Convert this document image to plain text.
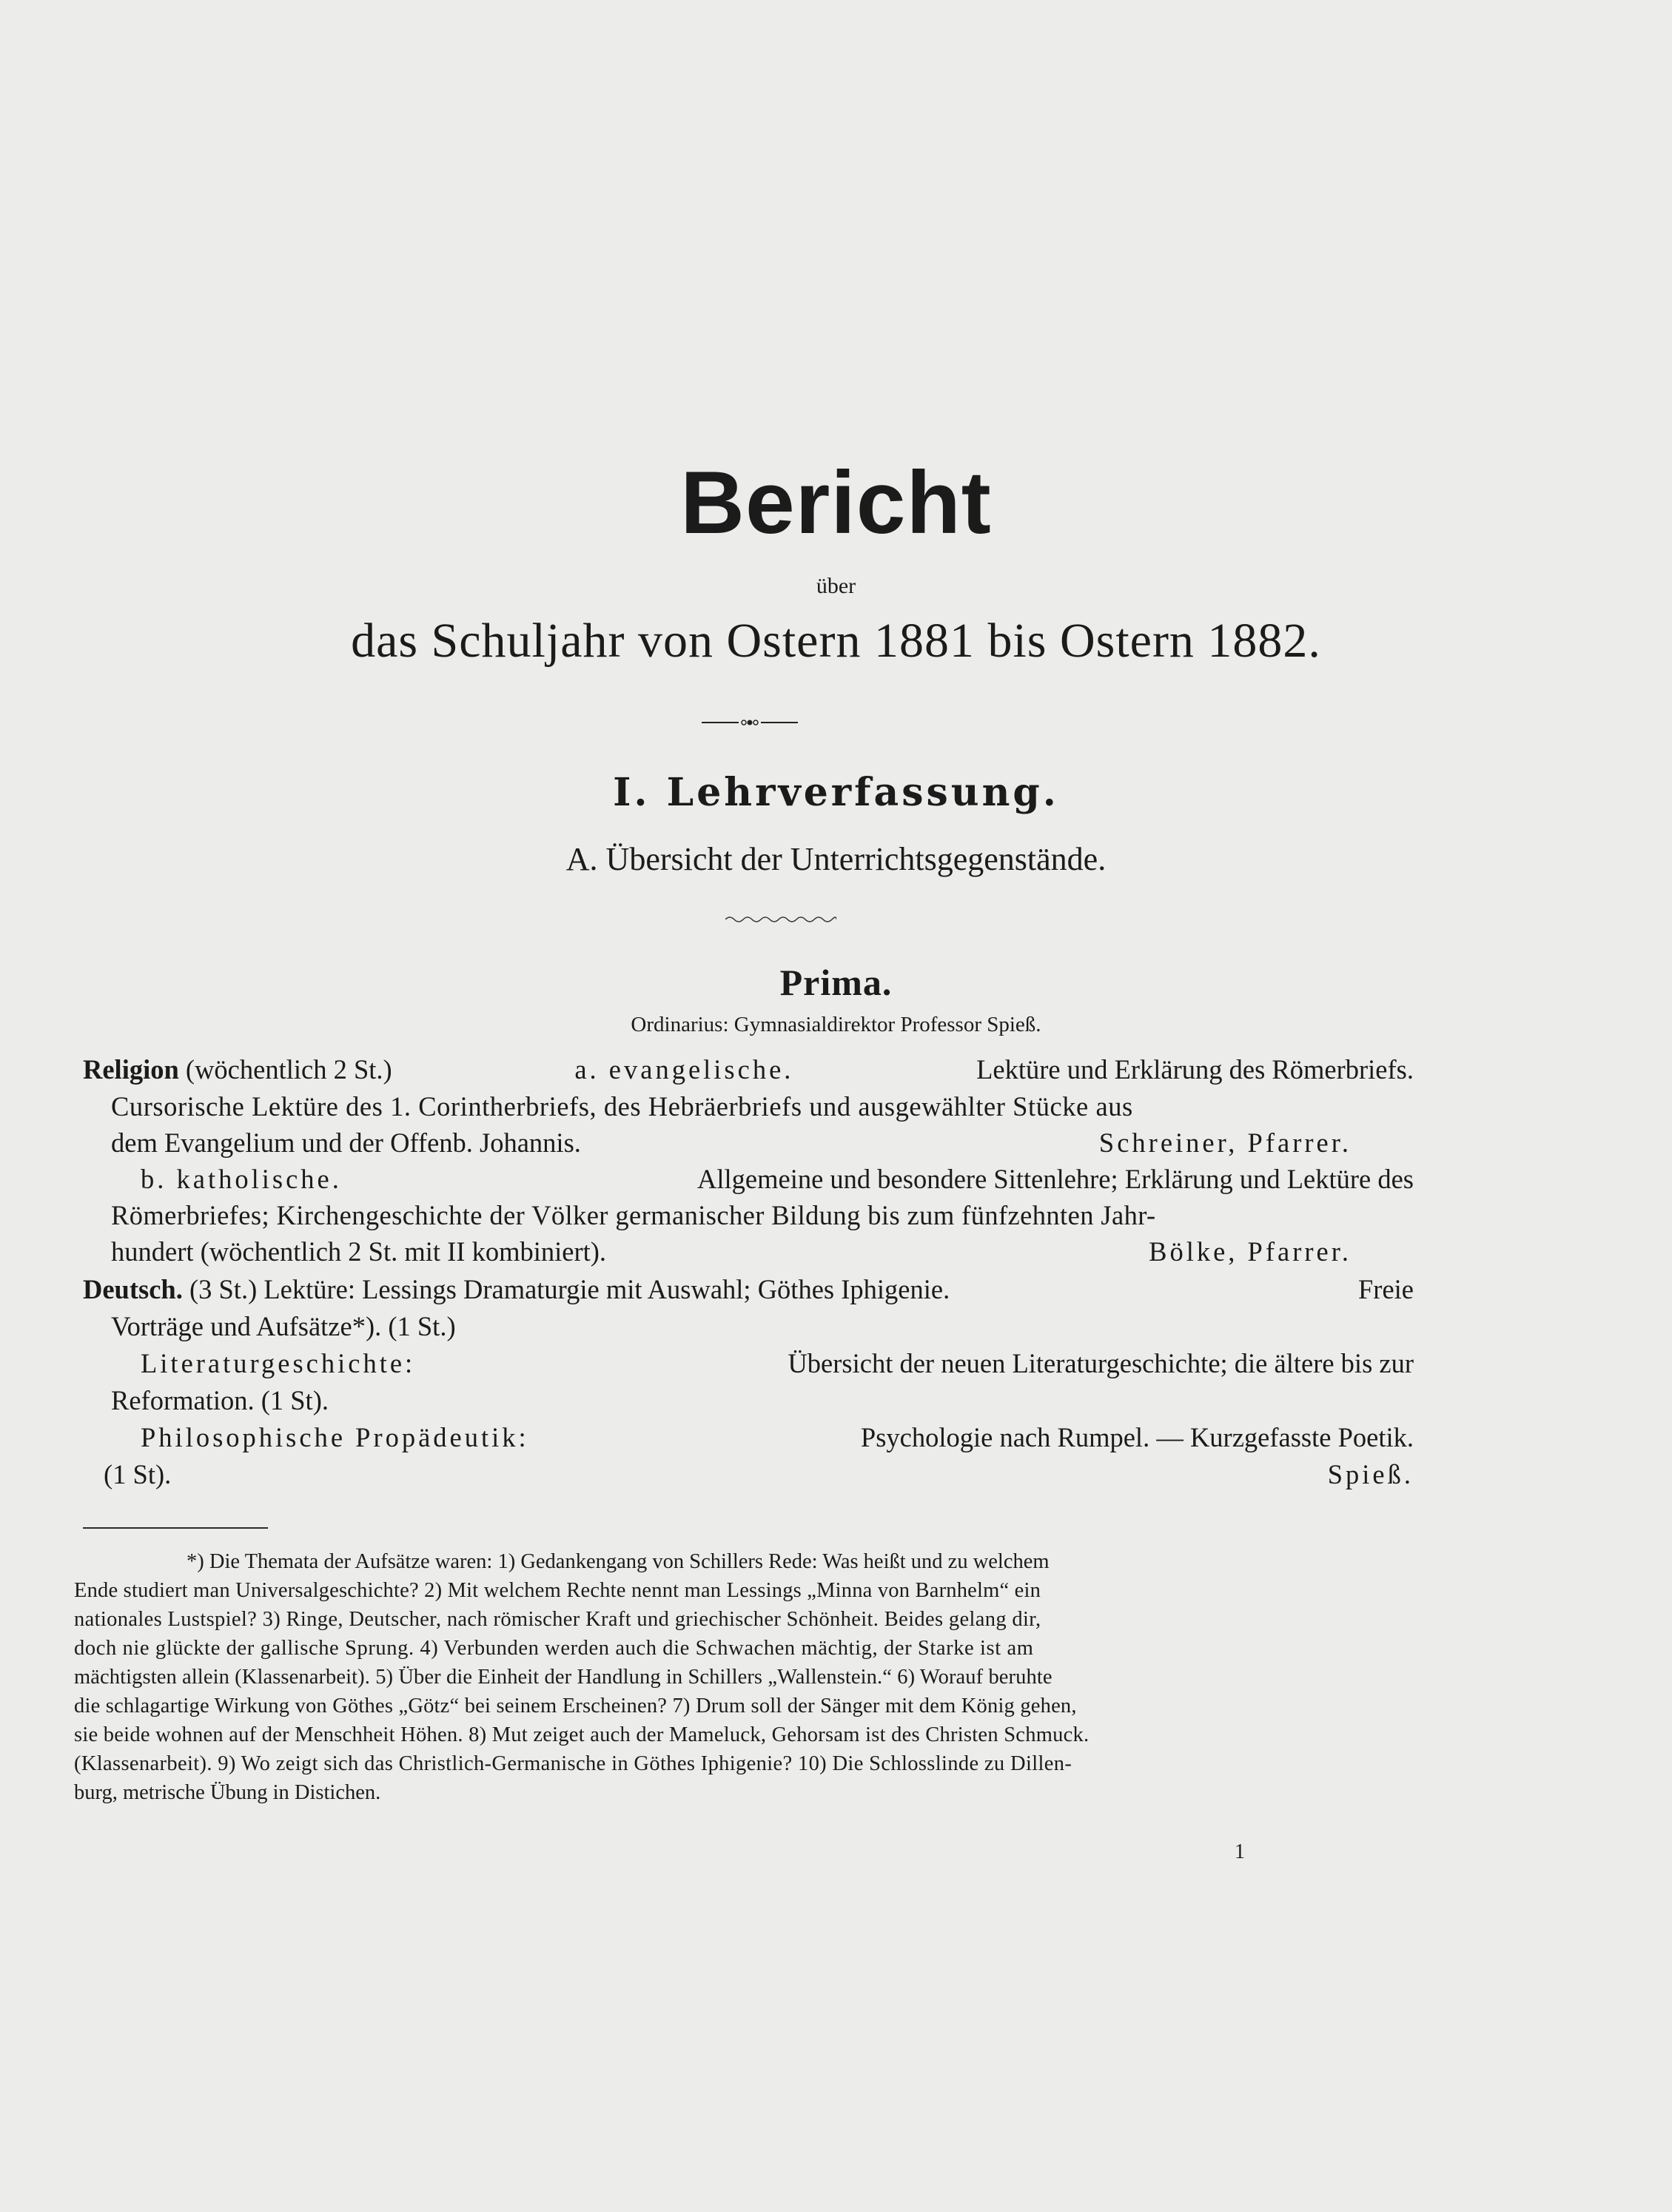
Bericht
über
das Schuljahr von Ostern 1881 bis Ostern 1882.
I. Lehrverfassung.
A. Übersicht der Unterrichtsgegenstände.
Prima.
Ordinarius: Gymnasialdirektor Professor Spieß.
Religion (wöchentlich 2 St.)	a. evangelische.	Lektüre und Erklärung des Römerbriefs.
Cursorische Lektüre des 1. Corintherbriefs, des Hebräerbriefs und ausgewählter Stücke aus
dem Evangelium und der Offenb. Johannis.	Schreiner, Pfarrer.
b. katholische.	Allgemeine und besondere Sittenlehre; Erklärung und Lektüre des
Römerbriefes; Kirchengeschichte der Völker germanischer Bildung bis zum fünfzehnten Jahr-
hundert (wöchentlich 2 St. mit II kombiniert).	Bölke, Pfarrer.
Deutsch. (3 St.) Lektüre: Lessings Dramaturgie mit Auswahl; Göthes Iphigenie.	Freie
Vorträge und Aufsätze*). (1 St.)
Literaturgeschichte:	Übersicht der neuen Literaturgeschichte; die ältere bis zur
Reformation. (1 St).
Philosophische Propädeutik:	Psychologie nach Rumpel. — Kurzgefasste Poetik.
(1 St).	Spieß.
*) Die Themata der Aufsätze waren: 1) Gedankengang von Schillers Rede: Was heißt und zu welchem
Ende studiert man Universalgeschichte? 2) Mit welchem Rechte nennt man Lessings „Minna von Barnhelm“ ein
nationales Lustspiel? 3) Ringe, Deutscher, nach römischer Kraft und griechischer Schönheit. Beides gelang dir,
doch nie glückte der gallische Sprung. 4) Verbunden werden auch die Schwachen mächtig, der Starke ist am
mächtigsten allein (Klassenarbeit). 5) Über die Einheit der Handlung in Schillers „Wallenstein.“ 6) Worauf beruhte
die schlagartige Wirkung von Göthes „Götz“ bei seinem Erscheinen? 7) Drum soll der Sänger mit dem König gehen,
sie beide wohnen auf der Menschheit Höhen. 8) Mut zeiget auch der Mameluck, Gehorsam ist des Christen Schmuck.
(Klassenarbeit). 9) Wo zeigt sich das Christlich-Germanische in Göthes Iphigenie? 10) Die Schlosslinde zu Dillen-
burg, metrische Übung in Distichen.
1
